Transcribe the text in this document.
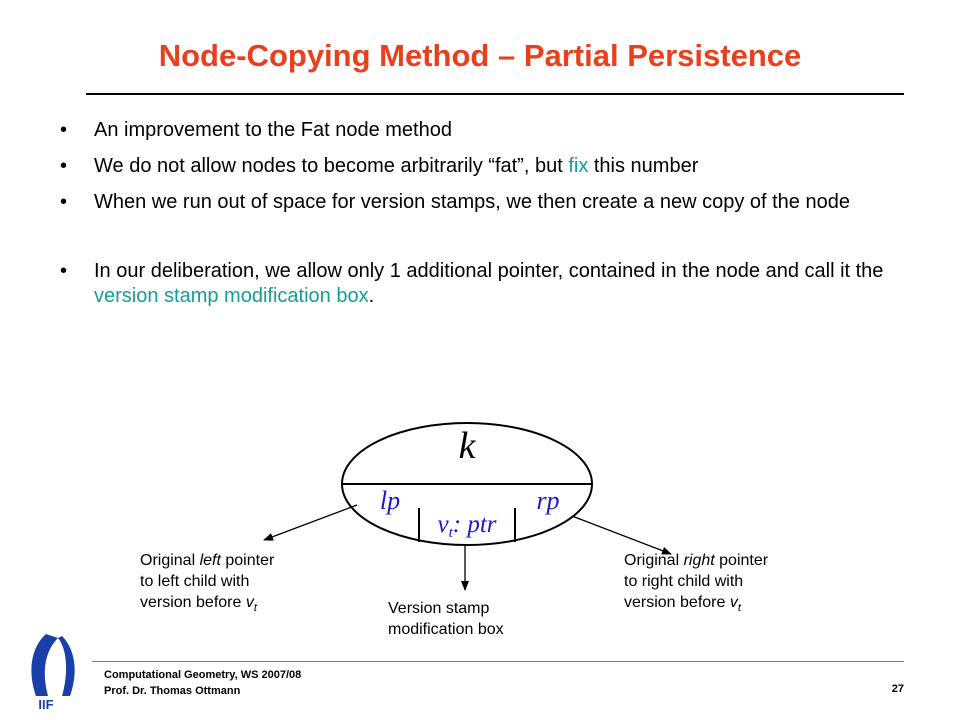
Node-Copying Method – Partial Persistence
• An improvement to the Fat node method
• We do not allow nodes to become arbitrarily “fat”, but fix this number
• When we run out of space for version stamps, we then create a new copy of the node
• In our deliberation, we allow only 1 additional pointer, contained in the node and call it the version stamp modification box.
k
lp	rp
$v_t$: ptr
Original left pointer
to left child with
version before $v_t$	Version stamp
modification box
Original right pointer
to right child with
version before $v_t$
IIF
Computational Geometry, WS 2007/08
Prof. Dr. Thomas Ottmann	27
